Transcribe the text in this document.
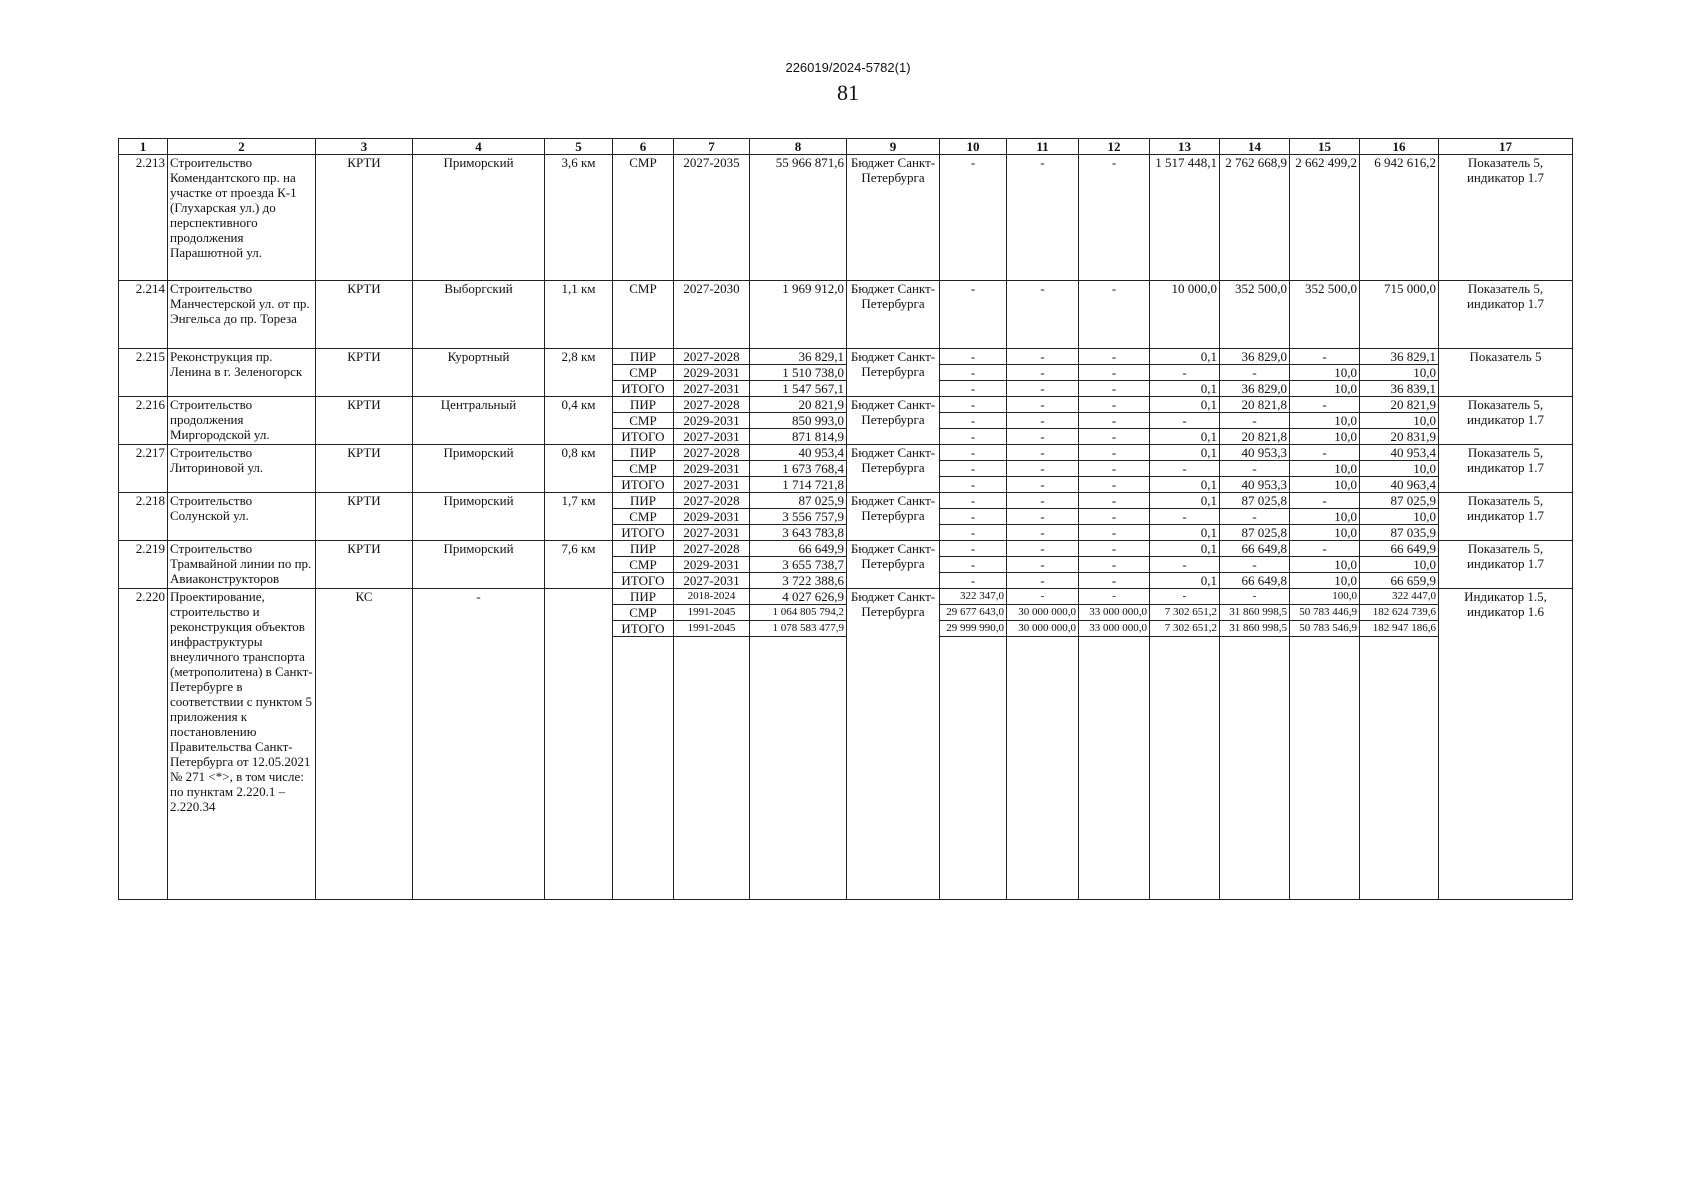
226019/2024-5782(1)
81
1	2	3	4	5	6	7	8	9	10	11	12	13	14	15	16	17
2.213	Строительство Комендантского пр. на участке от проезда К-1 (Глухарская ул.) до перспективного продолжения Парашютной ул.	КРТИ	Приморский	3,6 км	СМР	2027-2035	55 966 871,6	Бюджет Санкт-Петербурга	-	-	-	1 517 448,1	2 762 668,9	2 662 499,2	6 942 616,2	Показатель 5, индикатор 1.7
2.214	Строительство Манчестерской ул. от пр. Энгельса до пр. Тореза	КРТИ	Выборгский	1,1 км	СМР	2027-2030	1 969 912,0	Бюджет Санкт-Петербурга	-	-	-	10 000,0	352 500,0	352 500,0	715 000,0	Показатель 5, индикатор 1.7
2.215	Реконструкция пр. Ленина в г. Зеленогорск	КРТИ	Курортный	2,8 км	ПИР	2027-2028	36 829,1	Бюджет Санкт-Петербурга	-	-	-	0,1	36 829,0	-	36 829,1	Показатель 5
					СМР	2029-2031	1 510 738,0		-	-	-	-	-	10,0	10,0	
					ИТОГО	2027-2031	1 547 567,1		-	-	-	0,1	36 829,0	10,0	36 839,1	
2.216	Строительство продолжения Миргородской ул.	КРТИ	Центральный	0,4 км	ПИР	2027-2028	20 821,9	Бюджет Санкт-Петербурга	-	-	-	0,1	20 821,8	-	20 821,9	Показатель 5, индикатор 1.7
					СМР	2029-2031	850 993,0		-	-	-	-	-	10,0	10,0	
					ИТОГО	2027-2031	871 814,9		-	-	-	0,1	20 821,8	10,0	20 831,9	
2.217	Строительство Литориновой ул.	КРТИ	Приморский	0,8 км	ПИР	2027-2028	40 953,4	Бюджет Санкт-Петербурга	-	-	-	0,1	40 953,3	-	40 953,4	Показатель 5, индикатор 1.7
					СМР	2029-2031	1 673 768,4		-	-	-	-	-	10,0	10,0	
					ИТОГО	2027-2031	1 714 721,8		-	-	-	0,1	40 953,3	10,0	40 963,4	
2.218	Строительство Солунской ул.	КРТИ	Приморский	1,7 км	ПИР	2027-2028	87 025,9	Бюджет Санкт-Петербурга	-	-	-	0,1	87 025,8	-	87 025,9	Показатель 5, индикатор 1.7
					СМР	2029-2031	3 556 757,9		-	-	-	-	-	10,0	10,0	
					ИТОГО	2027-2031	3 643 783,8		-	-	-	0,1	87 025,8	10,0	87 035,9	
2.219	Строительство Трамвайной линии по пр. Авиаконструкторов	КРТИ	Приморский	7,6 км	ПИР	2027-2028	66 649,9	Бюджет Санкт-Петербурга	-	-	-	0,1	66 649,8	-	66 649,9	Показатель 5, индикатор 1.7
					СМР	2029-2031	3 655 738,7		-	-	-	-	-	10,0	10,0	
					ИТОГО	2027-2031	3 722 388,6		-	-	-	0,1	66 649,8	10,0	66 659,9	
2.220	Проектирование, строительство и реконструкция объектов инфраструктуры внеуличного транспорта (метрополитена) в Санкт-Петербурге в соответствии с пунктом 5 приложения к постановлению Правительства Санкт-Петербурга от 12.05.2021 № 271 <*>, в том числе: по пунктам 2.220.1 – 2.220.34	КС	-		ПИР	2018-2024	4 027 626,9	Бюджет Санкт-Петербурга	322 347,0	-	-	-	-	100,0	322 447,0	Индикатор 1.5, индикатор 1.6
					СМР	1991-2045	1 064 805 794,2		29 677 643,0	30 000 000,0	33 000 000,0	7 302 651,2	31 860 998,5	50 783 446,9	182 624 739,6	
					ИТОГО	1991-2045	1 078 583 477,9		29 999 990,0	30 000 000,0	33 000 000,0	7 302 651,2	31 860 998,5	50 783 546,9	182 947 186,6	
